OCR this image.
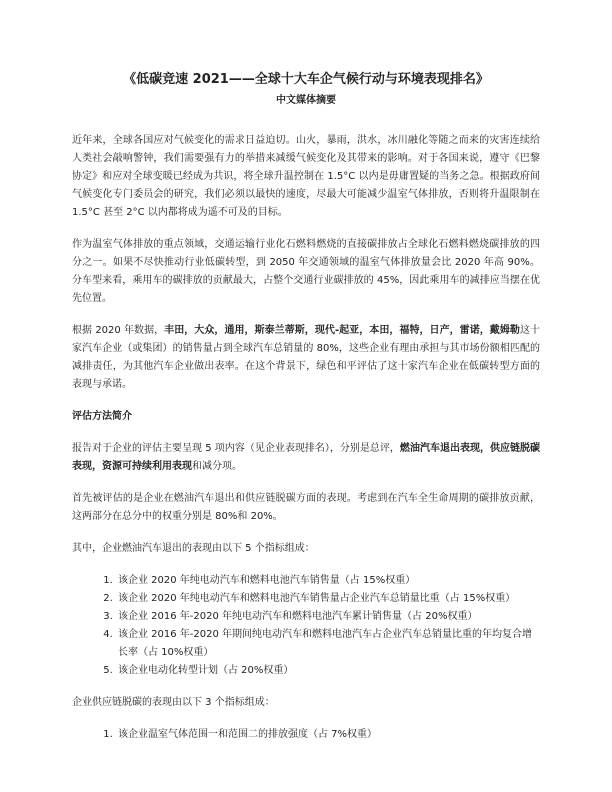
《低碳竞速 2021——全球十大车企气候行动与环境表现排名》
中文媒体摘要

近年来，全球各国应对气候变化的需求日益迫切。山火，暴雨，洪水，冰川融化等随之而来的灾害连续给人类社会敲响警钟，我们需要强有力的举措来减缓气候变化及其带来的影响。对于各国来说，遵守《巴黎协定》和应对全球变暖已经成为共识，将全球升温控制在 1.5°C 以内是毋庸置疑的当务之急。根据政府间气候变化专门委员会的研究，我们必须以最快的速度，尽最大可能减少温室气体排放，否则将升温限制在 1.5°C 甚至 2°C 以内都将成为遥不可及的目标。

作为温室气体排放的重点领域，交通运输行业化石燃料燃烧的直接碳排放占全球化石燃料燃烧碳排放的四分之一。如果不尽快推动行业低碳转型，到 2050 年交通领域的温室气体排放量会比 2020 年高 90%。分车型来看，乘用车的碳排放的贡献最大，占整个交通行业碳排放的 45%，因此乘用车的减排应当摆在优先位置。

根据 2020 年数据，丰田，大众，通用，斯泰兰蒂斯，现代-起亚，本田，福特，日产，雷诺，戴姆勒这十家汽车企业（或集团）的销售量占到全球汽车总销量的 80%，这些企业有理由承担与其市场份额相匹配的减排责任，为其他汽车企业做出表率。在这个背景下，绿色和平评估了这十家汽车企业在低碳转型方面的表现与承诺。

评估方法简介

报告对于企业的评估主要呈现 5 项内容（见企业表现排名），分别是总评，燃油汽车退出表现，供应链脱碳表现，资源可持续利用表现和减分项。

首先被评估的是企业在燃油汽车退出和供应链脱碳方面的表现。考虑到在汽车全生命周期的碳排放贡献，这两部分在总分中的权重分别是 80%和 20%。

其中，企业燃油汽车退出的表现由以下 5 个指标组成：

1. 该企业 2020 年纯电动汽车和燃料电池汽车销售量（占 15%权重）
2. 该企业 2020 年纯电动汽车和燃料电池汽车销售量占企业汽车总销量比重（占 15%权重）
3. 该企业 2016 年-2020 年纯电动汽车和燃料电池汽车累计销售量（占 20%权重）
4. 该企业 2016 年-2020 年期间纯电动汽车和燃料电池汽车占企业汽车总销量比重的年均复合增长率（占 10%权重）
5. 该企业电动化转型计划（占 20%权重）

企业供应链脱碳的表现由以下 3 个指标组成：

1. 该企业温室气体范围一和范围二的排放强度（占 7%权重）
